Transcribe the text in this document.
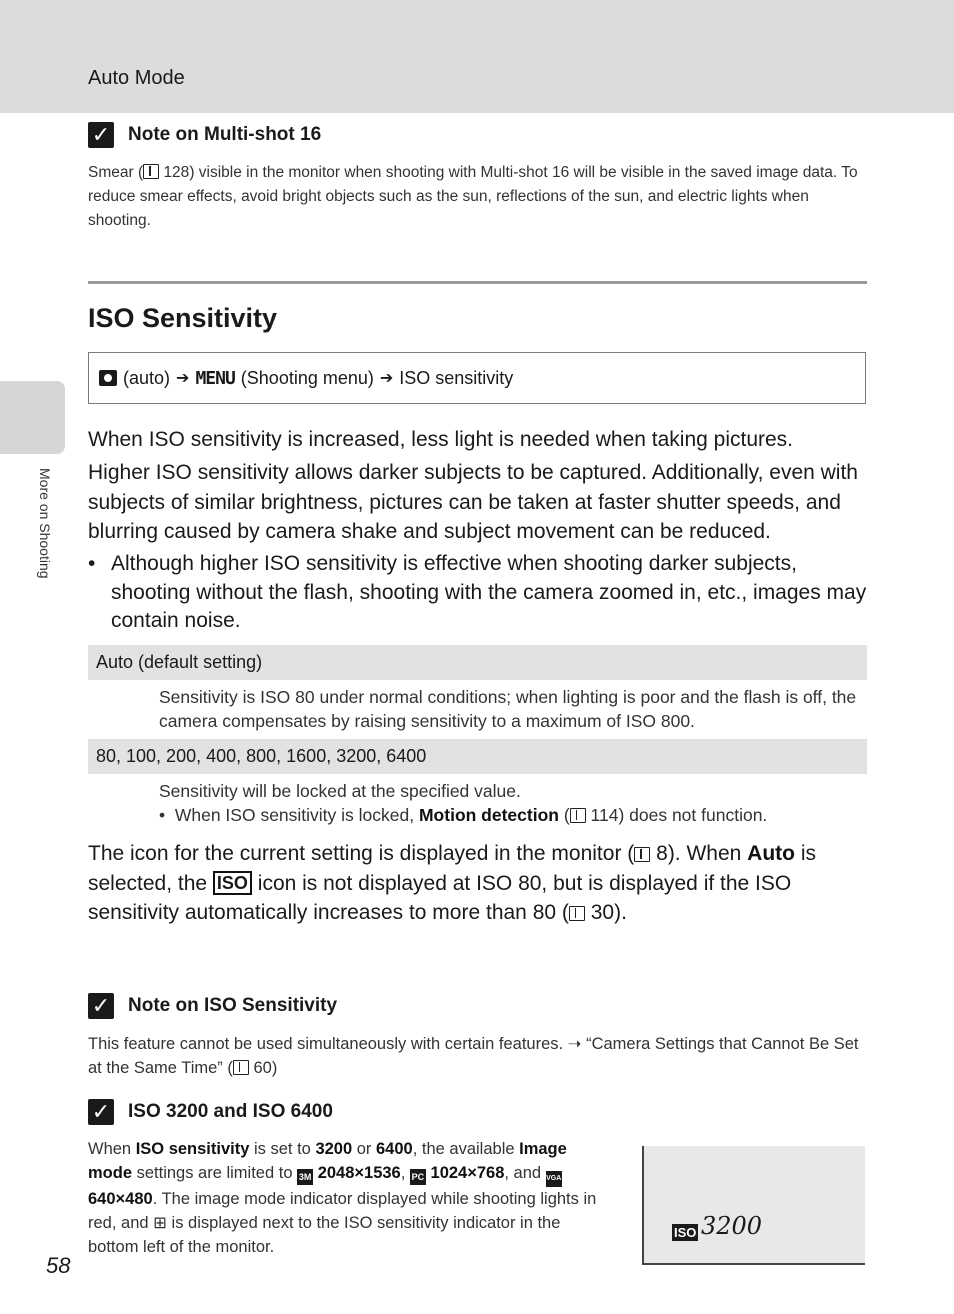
Auto Mode
More on Shooting
✓ Note on Multi-shot 16
Smear ( 128) visible in the monitor when shooting with Multi-shot 16 will be visible in the saved image data. To reduce smear effects, avoid bright objects such as the sun, reflections of the sun, and electric lights when shooting.
ISO Sensitivity
(auto) ➔ MENU (Shooting menu) ➔ ISO sensitivity
When ISO sensitivity is increased, less light is needed when taking pictures.
Higher ISO sensitivity allows darker subjects to be captured. Additionally, even with subjects of similar brightness, pictures can be taken at faster shutter speeds, and blurring caused by camera shake and subject movement can be reduced.
• Although higher ISO sensitivity is effective when shooting darker subjects, shooting without the flash, shooting with the camera zoomed in, etc., images may contain noise.
Auto (default setting)
Sensitivity is ISO 80 under normal conditions; when lighting is poor and the flash is off, the camera compensates by raising sensitivity to a maximum of ISO 800.
80, 100, 200, 400, 800, 1600, 3200, 6400
Sensitivity will be locked at the specified value.
•  When ISO sensitivity is locked, Motion detection ( 114) does not function.
The icon for the current setting is displayed in the monitor ( 8). When Auto is selected, the ISO icon is not displayed at ISO 80, but is displayed if the ISO sensitivity automatically increases to more than 80 ( 30).
✓ Note on ISO Sensitivity
This feature cannot be used simultaneously with certain features. ➝ “Camera Settings that Cannot Be Set at the Same Time” ( 60)
✓ ISO 3200 and ISO 6400
When ISO sensitivity is set to 3200 or 6400, the available Image mode settings are limited to 3M 2048×1536, PC 1024×768, and VGA 640×480. The image mode indicator displayed while shooting lights in red, and ⊞ is displayed next to the ISO sensitivity indicator in the bottom left of the monitor.
ISO 3200
58
